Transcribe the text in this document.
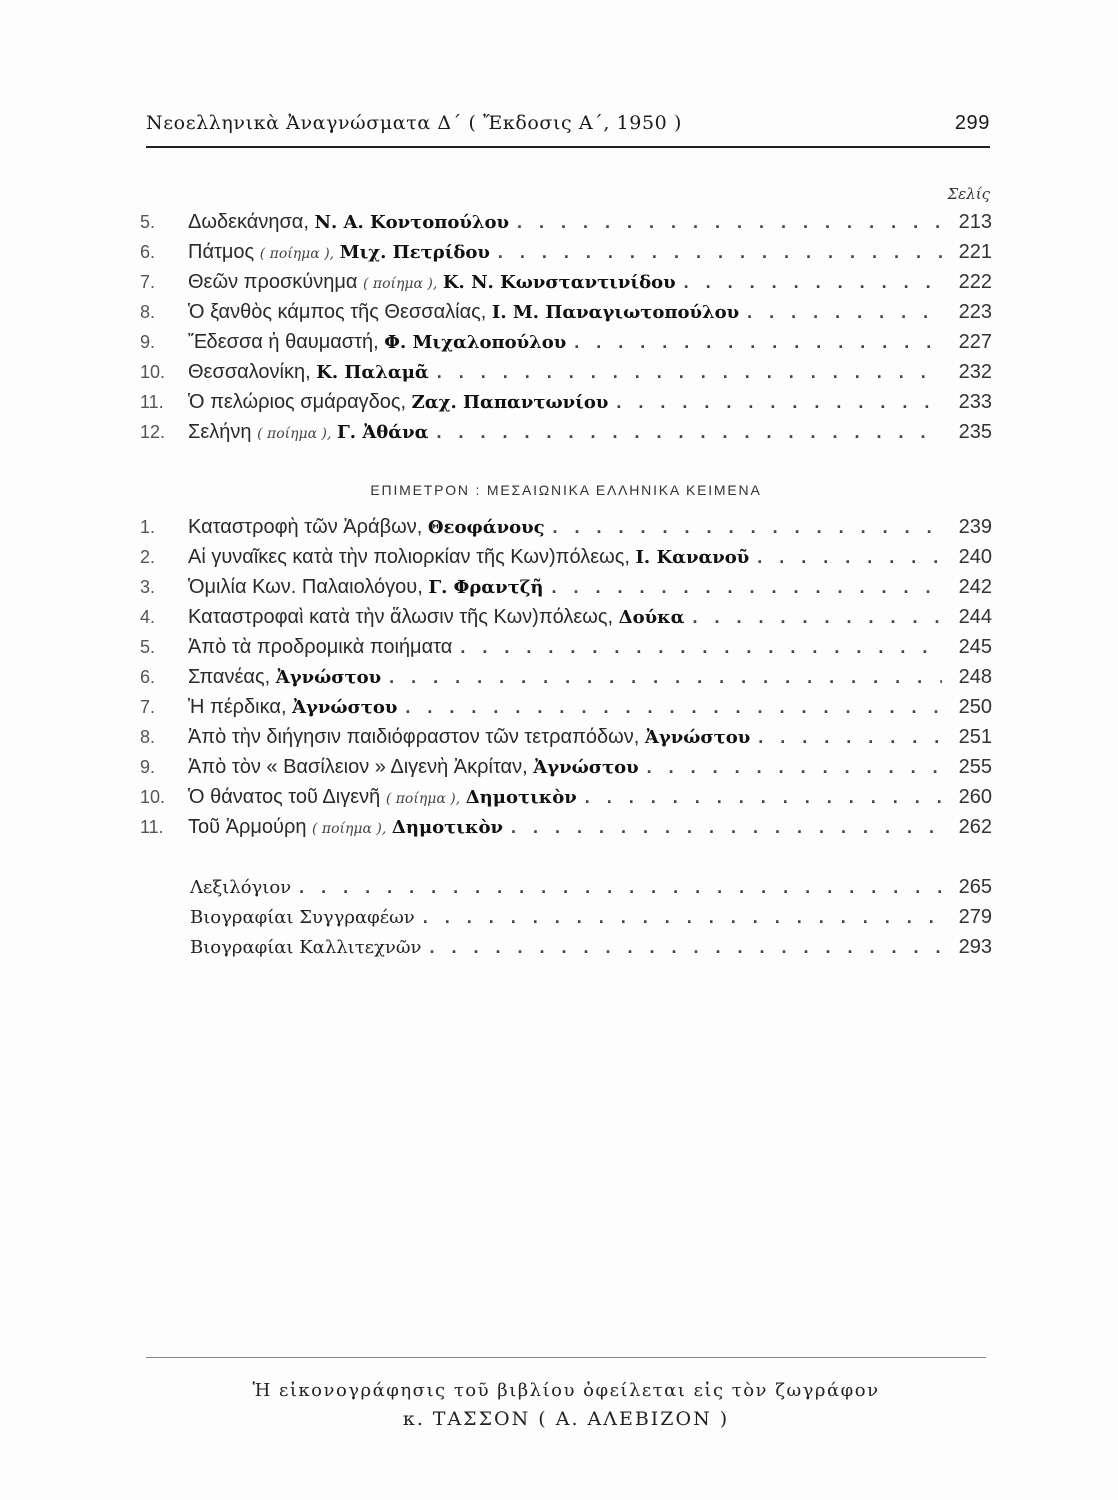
Νεοελληνικὰ Ἀναγνώσματα Δ΄ ( Ἔκδοσις Α΄, 1950 )	299
Σελίς
5.	Δωδεκάνησα, Ν. Α. Κοντοπούλου . . .	213
6.	Πάτμος ( ποίημα ), Μιχ. Πετρίδου . . .	221
7.	Θεῶν προσκύνημα ( ποίημα ), Κ. Ν. Κωνσταντινίδου . . .	222
8.	Ὁ ξανθὸς κάμπος τῆς Θεσσαλίας, Ι. Μ. Παναγιωτοπούλου . . .	223
9.	Ἔδεσσα ἡ θαυμαστή, Φ. Μιχαλοπούλου . . .	227
10.	Θεσσαλονίκη, Κ. Παλαμᾶ . . .	232
11.	Ὁ πελώριος σμάραγδος, Ζαχ. Παπαντωνίου . . .	233
12.	Σελήνη ( ποίημα ), Γ. Ἀθάνα . . .	235
ΕΠΙΜΕΤΡΟΝ : ΜΕΣΑΙΩΝΙΚΑ ΕΛΛΗΝΙΚΑ ΚΕΙΜΕΝΑ
1.	Καταστροφὴ τῶν Ἀράβων, Θεοφάνους . . .	239
2.	Αἱ γυναῖκες κατὰ τὴν πολιορκίαν τῆς Κων)πόλεως, Ι. Κανανοῦ . . .	240
3.	Ὁμιλία Κων. Παλαιολόγου, Γ. Φραντζῆ . . .	242
4.	Καταστροφαὶ κατὰ τὴν ἅλωσιν τῆς Κων)πόλεως, Δούκα . . .	244
5.	Ἀπὸ τὰ προδρομικὰ ποιήματα . . .	245
6.	Σπανέας, Ἀγνώστου . . .	248
7.	Ἡ πέρδικα, Ἀγνώστου . . .	250
8.	Ἀπὸ τὴν διήγησιν παιδιόφραστον τῶν τετραπόδων, Ἀγνώστου . . .	251
9.	Ἀπὸ τὸν « Βασίλειον » Διγενὴ Ἀκρίταν, Ἀγνώστου . . .	255
10.	Ὁ θάνατος τοῦ Διγενῆ ( ποίημα ), Δημοτικὸν . . .	260
11.	Τοῦ Ἀρμούρη ( ποίημα ), Δημοτικὸν . . .	262
Λεξιλόγιον . . .	265
Βιογραφίαι Συγγραφέων . . .	279
Βιογραφίαι Καλλιτεχνῶν . . .	293
Ἡ εἰκονογράφησις τοῦ βιβλίου ὀφείλεται εἰς τὸν ζωγράφον
κ. ΤΑΣΣΟΝ ( Α. ΑΛΕΒΙΖΟΝ )
